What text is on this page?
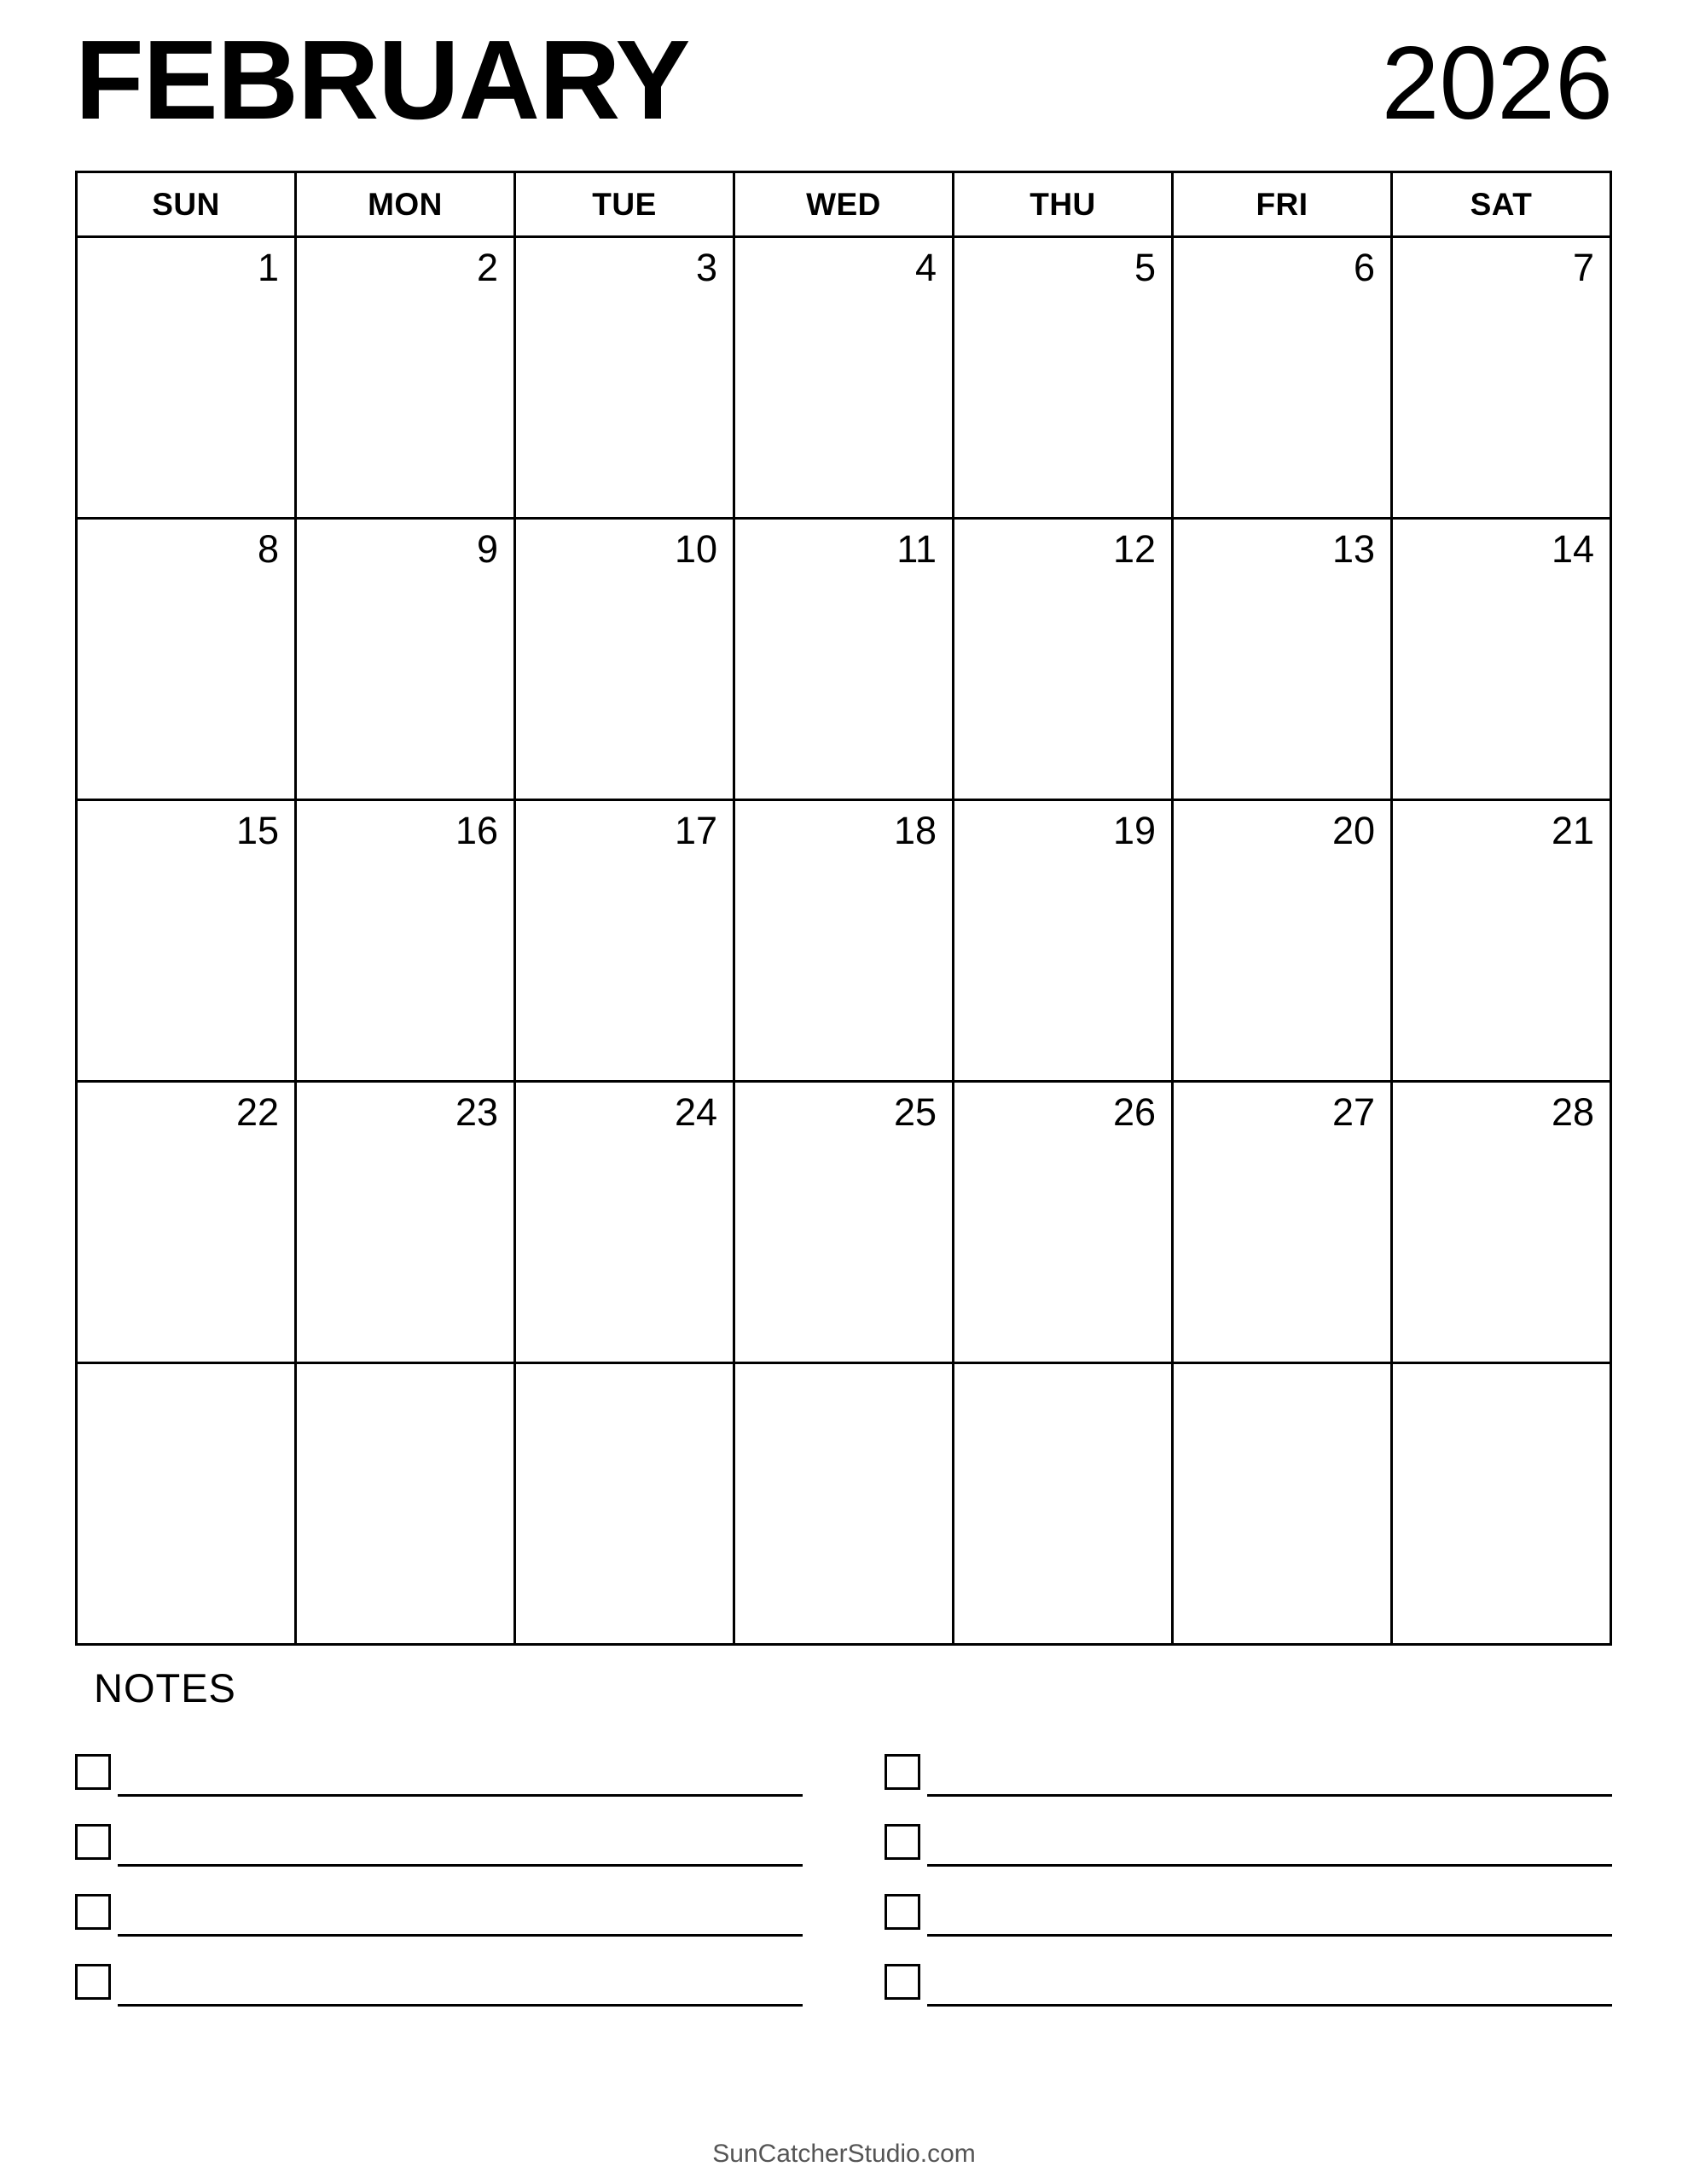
FEBRUARY	2026
SUN	MON	TUE	WED	THU	FRI	SAT
1	2	3	4	5	6	7
8	9	10	11	12	13	14
15	16	17	18	19	20	21
22	23	24	25	26	27	28
NOTES
SunCatcherStudio.com
